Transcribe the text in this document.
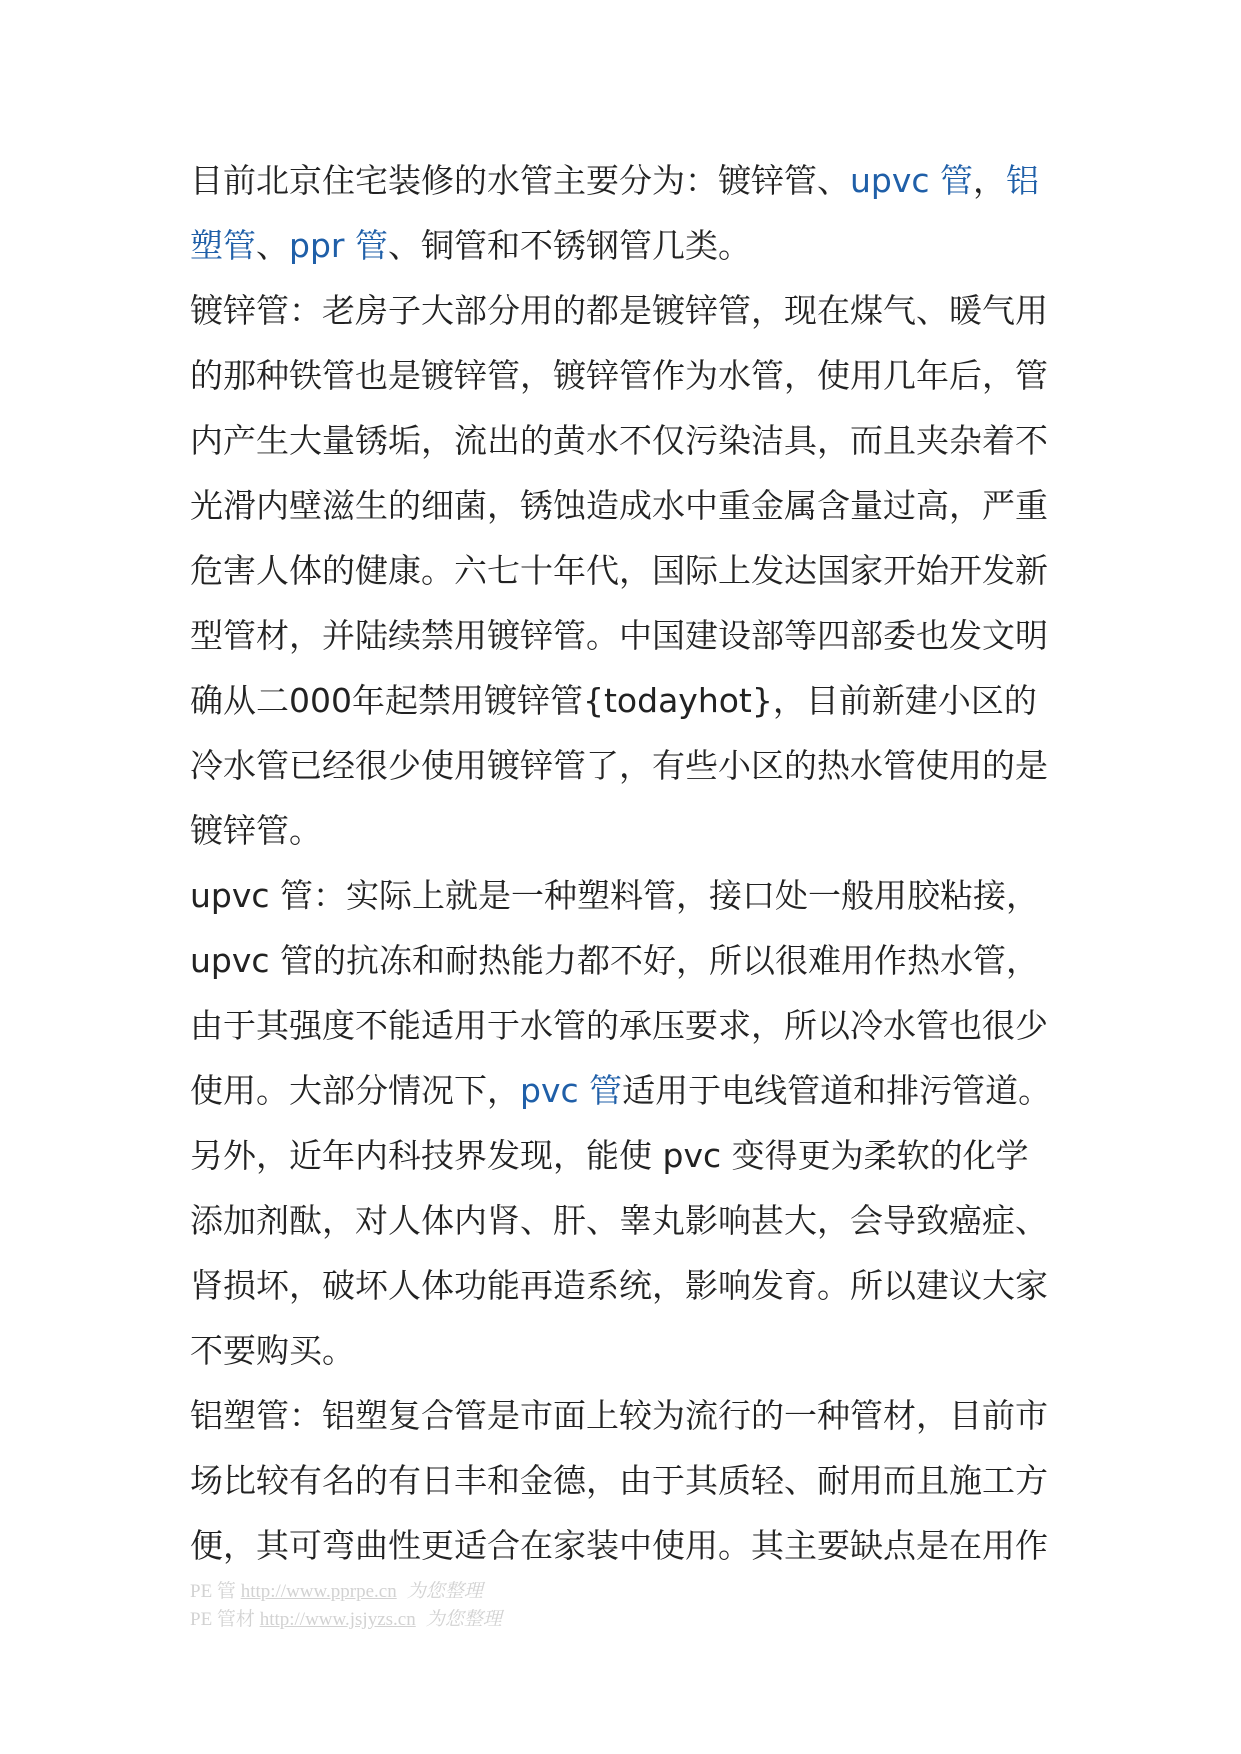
目前北京住宅装修的水管主要分为：镀锌管、upvc 管，铝塑管、ppr 管、铜管和不锈钢管几类。

镀锌管：老房子大部分用的都是镀锌管，现在煤气、暖气用的那种铁管也是镀锌管，镀锌管作为水管，使用几年后，管内产生大量锈垢，流出的黄水不仅污染洁具，而且夹杂着不光滑内壁滋生的细菌，锈蚀造成水中重金属含量过高，严重危害人体的健康。六七十年代，国际上发达国家开始开发新型管材，并陆续禁用镀锌管。中国建设部等四部委也发文明确从二000年起禁用镀锌管{todayhot}，目前新建小区的冷水管已经很少使用镀锌管了，有些小区的热水管使用的是镀锌管。

upvc 管：实际上就是一种塑料管，接口处一般用胶粘接，upvc 管的抗冻和耐热能力都不好，所以很难用作热水管，由于其强度不能适用于水管的承压要求，所以冷水管也很少使用。大部分情况下，pvc 管适用于电线管道和排污管道。另外，近年内科技界发现，能使 pvc 变得更为柔软的化学添加剂酞，对人体内肾、肝、睾丸影响甚大，会导致癌症、肾损坏，破坏人体功能再造系统，影响发育。所以建议大家不要购买。

铝塑管：铝塑复合管是市面上较为流行的一种管材，目前市场比较有名的有日丰和金德，由于其质轻、耐用而且施工方便，其可弯曲性更适合在家装中使用。其主要缺点是在用作

PE 管 http://www.pprpe.cn 为您整理
PE 管材 http://www.jsjyzs.cn 为您整理
